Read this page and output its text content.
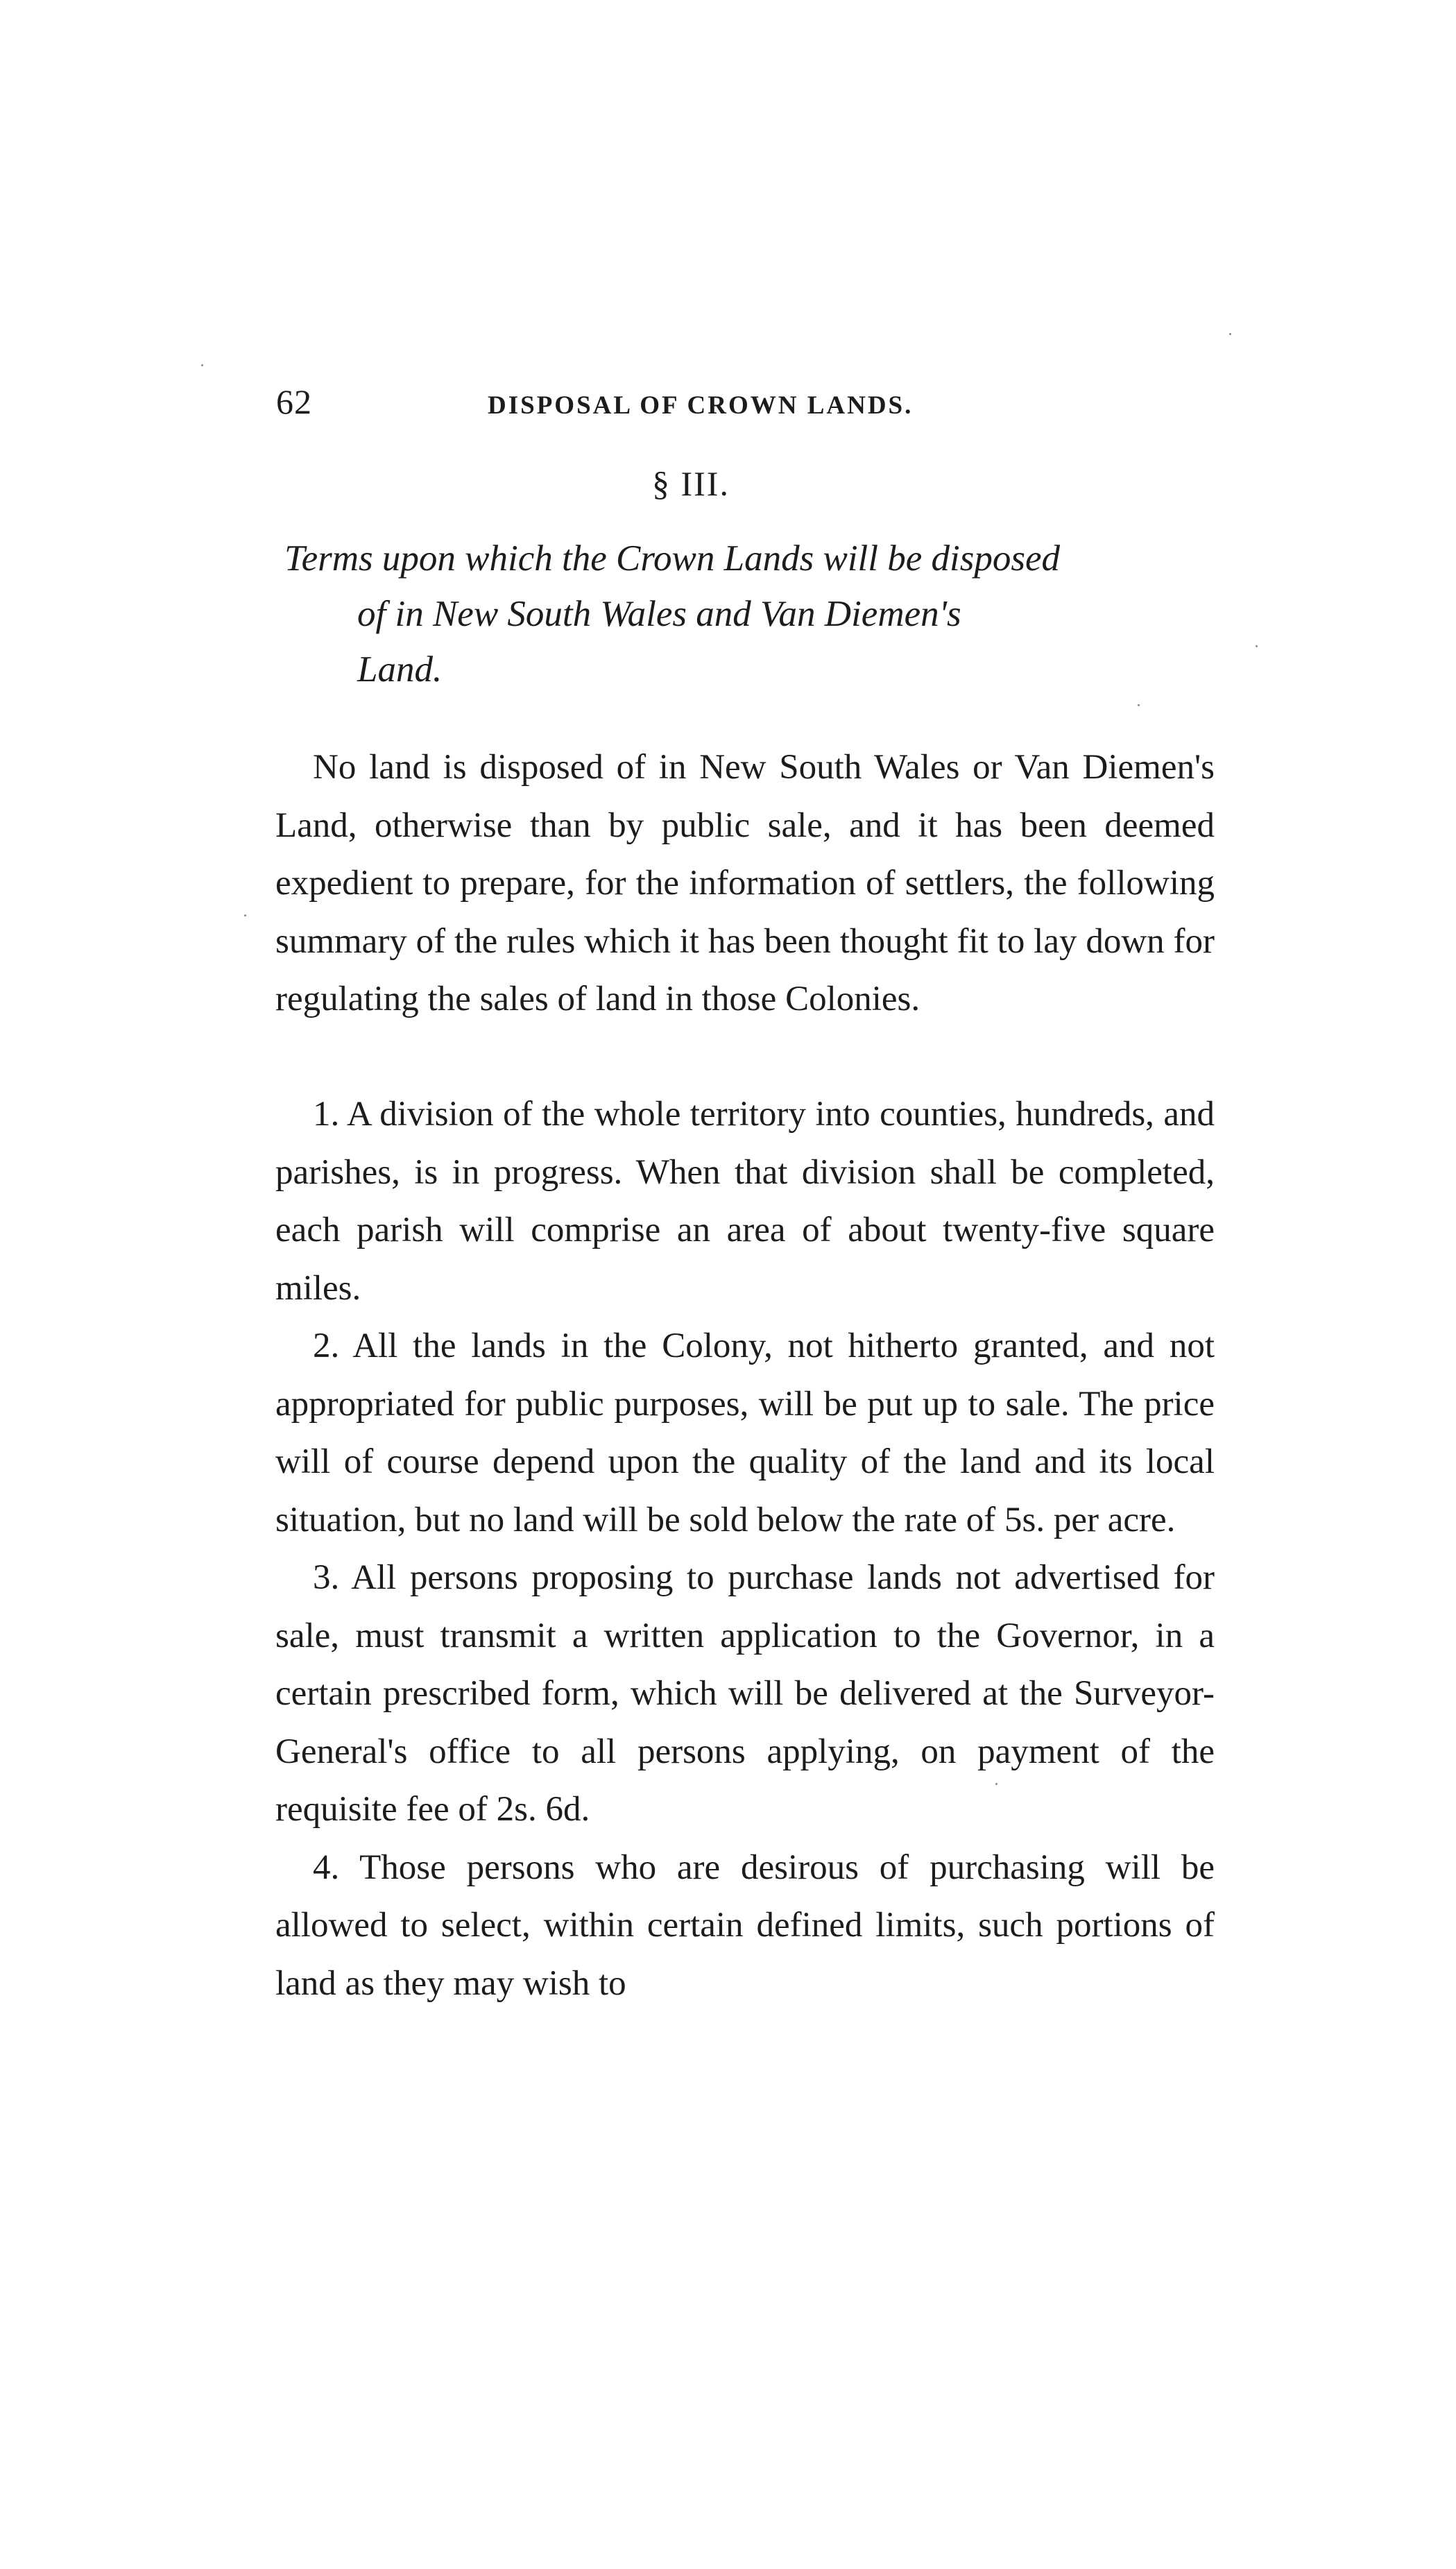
62	DISPOSAL OF CROWN LANDS.
§ III.
Terms upon which the Crown Lands will be disposed
of in New South Wales and Van Diemen's
Land.

No land is disposed of in New South Wales or Van Diemen's Land, otherwise than by public sale, and it has been deemed expedient to prepare, for the information of settlers, the following summary of the rules which it has been thought fit to lay down for regulating the sales of land in those Colonies.

1. A division of the whole territory into counties, hundreds, and parishes, is in progress. When that division shall be completed, each parish will comprise an area of about twenty-five square miles.

2. All the lands in the Colony, not hitherto granted, and not appropriated for public purposes, will be put up to sale. The price will of course depend upon the quality of the land and its local situation, but no land will be sold below the rate of 5s. per acre.

3. All persons proposing to purchase lands not advertised for sale, must transmit a written application to the Governor, in a certain prescribed form, which will be delivered at the Surveyor-General's office to all persons applying, on payment of the requisite fee of 2s. 6d.

4. Those persons who are desirous of purchasing will be allowed to select, within certain defined limits, such portions of land as they may wish to
